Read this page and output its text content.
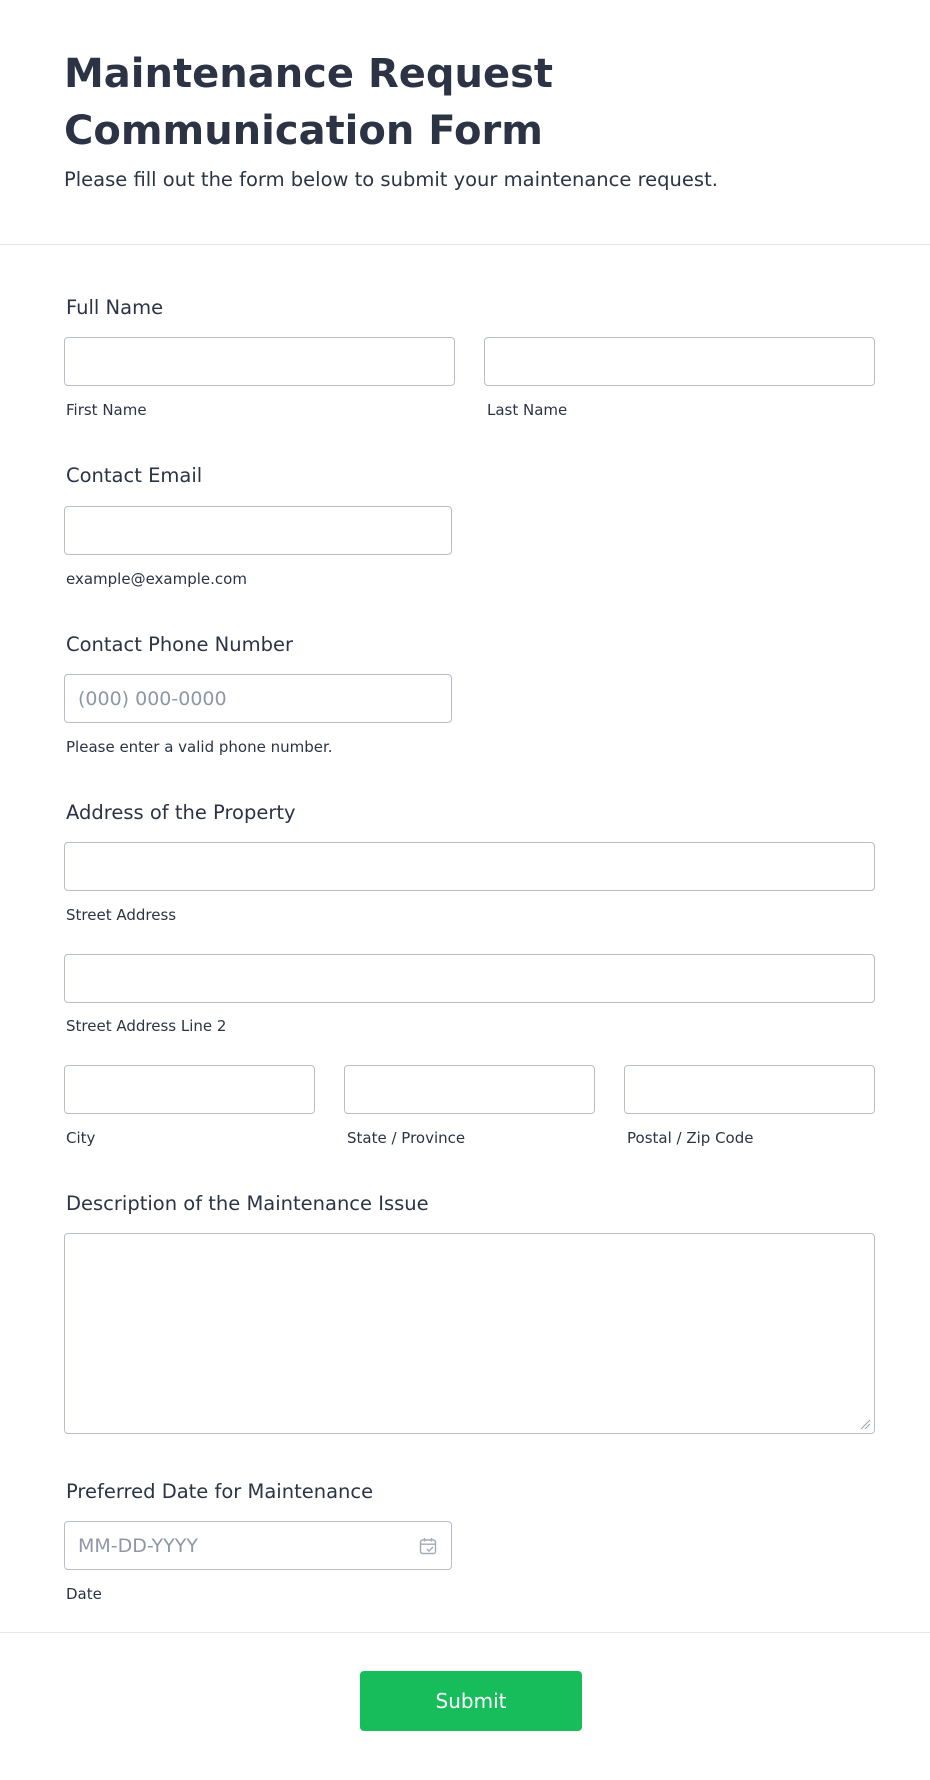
Maintenance Request Communication Form

Please fill out the form below to submit your maintenance request.

Full Name
First Name	Last Name
Contact Email
example@example.com
Contact Phone Number
(000) 000-0000
Please enter a valid phone number.
Address of the Property
Street Address
Street Address Line 2
City	State / Province	Postal / Zip Code
Description of the Maintenance Issue
Preferred Date for Maintenance
MM-DD-YYYY
Date
Submit
